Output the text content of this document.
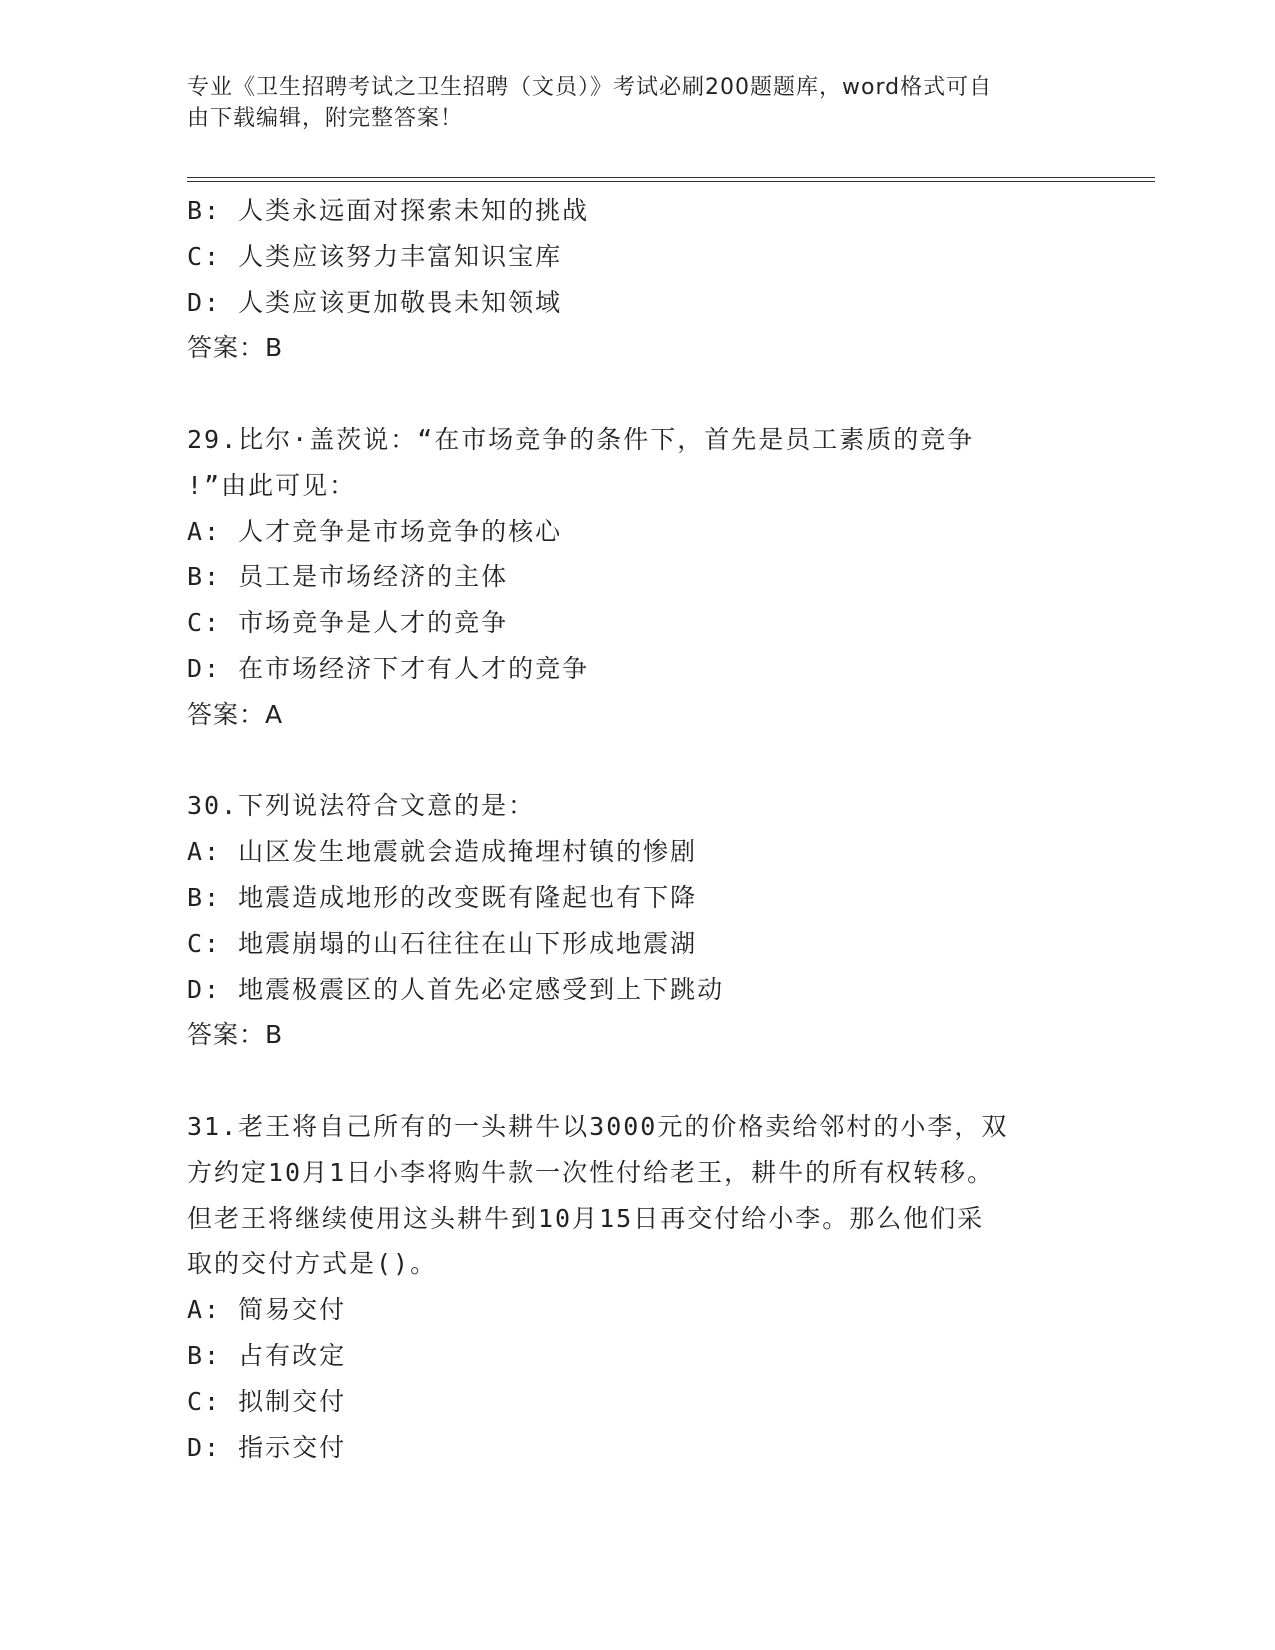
专业《卫生招聘考试之卫生招聘（文员）》考试必刷200题题库，word格式可自
由下载编辑，附完整答案！
B: 人类永远面对探索未知的挑战
C: 人类应该努力丰富知识宝库
D: 人类应该更加敬畏未知领域
答案：B
29.比尔·盖茨说：“在市场竞争的条件下，首先是员工素质的竞争
!”由此可见：
A: 人才竞争是市场竞争的核心
B: 员工是市场经济的主体
C: 市场竞争是人才的竞争
D: 在市场经济下才有人才的竞争
答案：A
30.下列说法符合文意的是：
A: 山区发生地震就会造成掩埋村镇的惨剧
B: 地震造成地形的改变既有隆起也有下降
C: 地震崩塌的山石往往在山下形成地震湖
D: 地震极震区的人首先必定感受到上下跳动
答案：B
31.老王将自己所有的一头耕牛以3000元的价格卖给邻村的小李，双
方约定10月1日小李将购牛款一次性付给老王，耕牛的所有权转移。
但老王将继续使用这头耕牛到10月15日再交付给小李。那么他们采
取的交付方式是()。
A: 简易交付
B: 占有改定
C: 拟制交付
D: 指示交付
